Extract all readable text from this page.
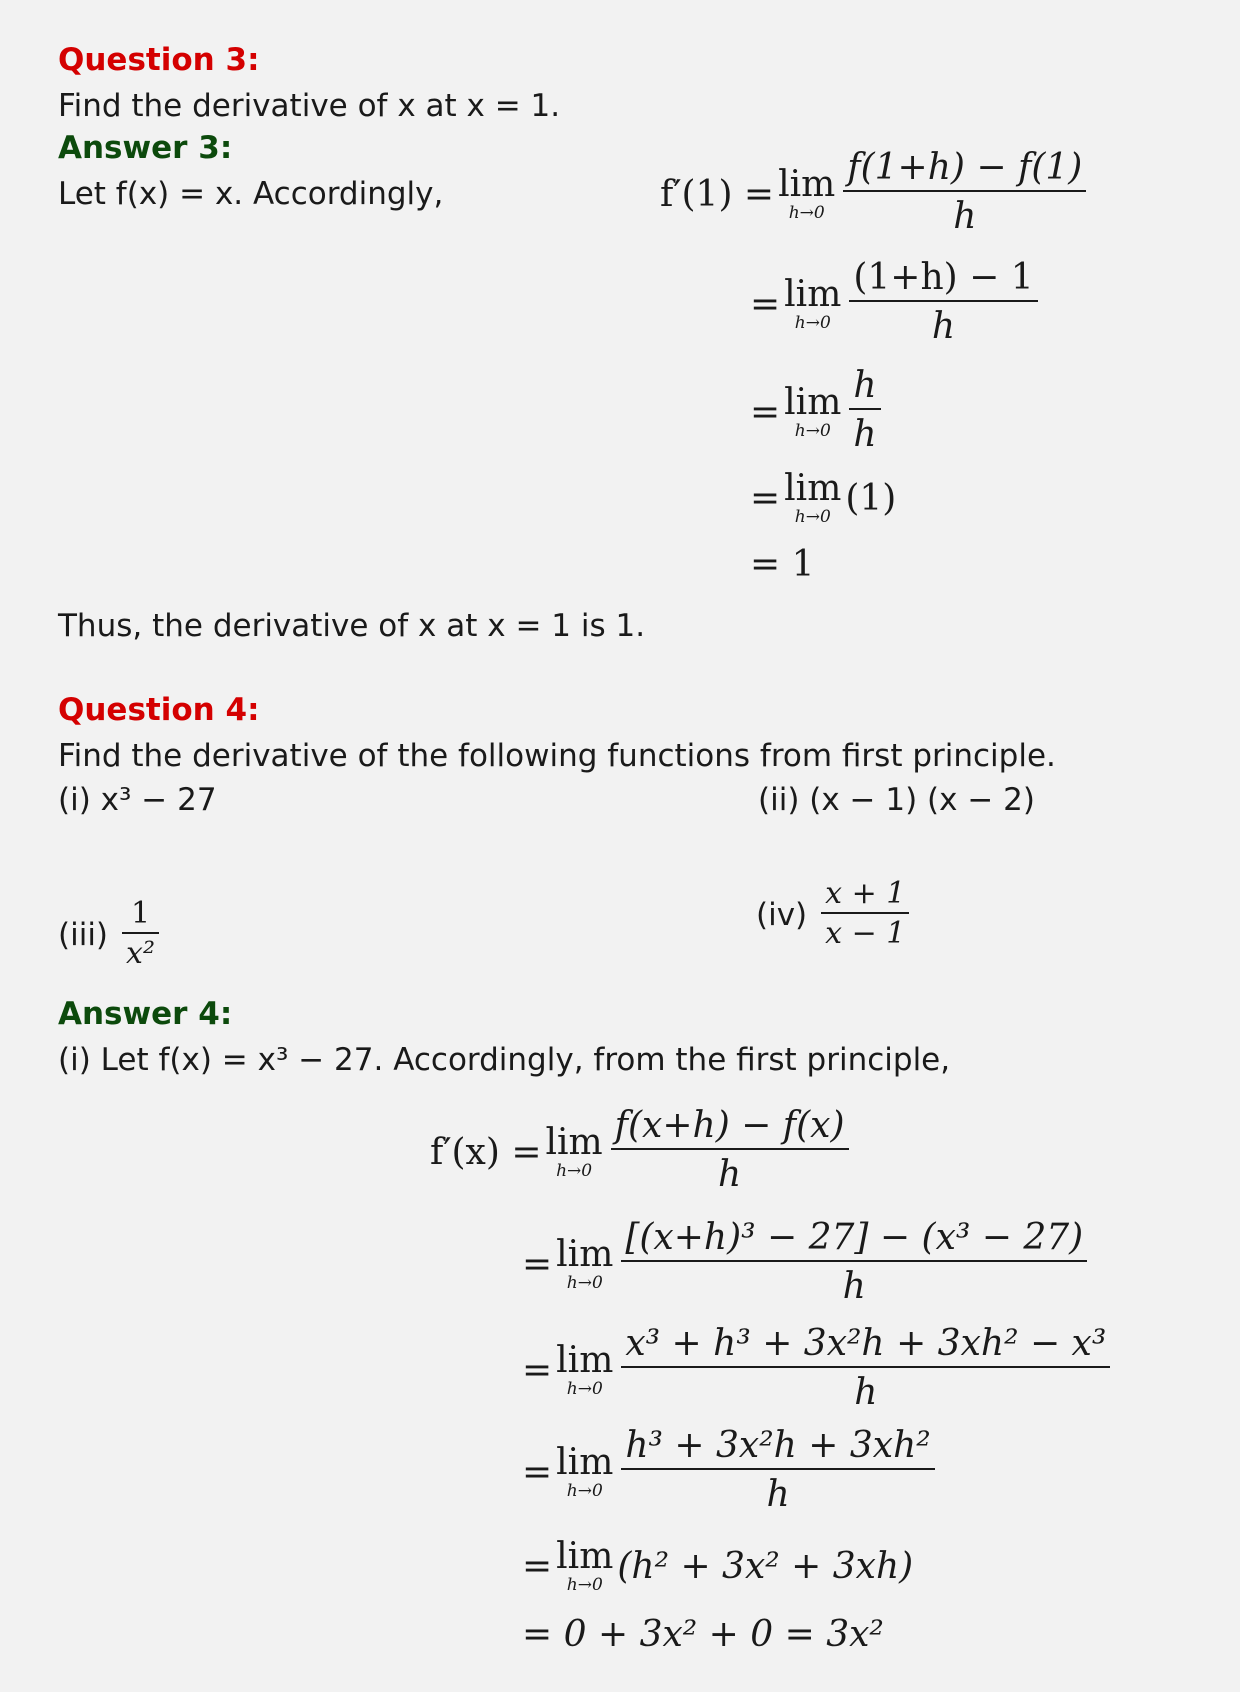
Question 3:
Find the derivative of x at x = 1.
Answer 3:
Let f(x) = x. Accordingly,	f′(1) = lim
$h\to 0 \frac{f(1+h) - f(1)}{h}$
= lim
$h\to 0 \frac{(1+h) - 1}{h}$
= lim
$h\to 0 \frac{h}{h}$
= lim
h→0 (1)
= 1
Thus, the derivative of x at x = 1 is 1.
Question 4:
Find the derivative of the following functions from first principle.
(i) x³ − 27	(ii) (x − 1) (x − 2)
$(iii) \frac{1}{\text{x²}}$	$(iv) \frac{x + 1}{x - 1}$
Answer 4:
(i) Let f(x) = x³ − 27. Accordingly, from the first principle,
f′(x) = lim
$h\to 0 \frac{f(x+h) - f(x)}{h}$
= lim
$h\to 0 \frac{\text{[(x+h)³ − 27] − (x³ − 27)}}{h}$
= lim
$h\to 0 \frac{\text{x³ + h³ + 3x²h + 3xh² − x³}}{h}$
= lim
$h\to 0 \frac{\text{h³ + 3x²h + 3xh²}}{h}$
= lim
h→0 (h² + 3x² + 3xh)
= 0 + 3x² + 0 = 3x²
